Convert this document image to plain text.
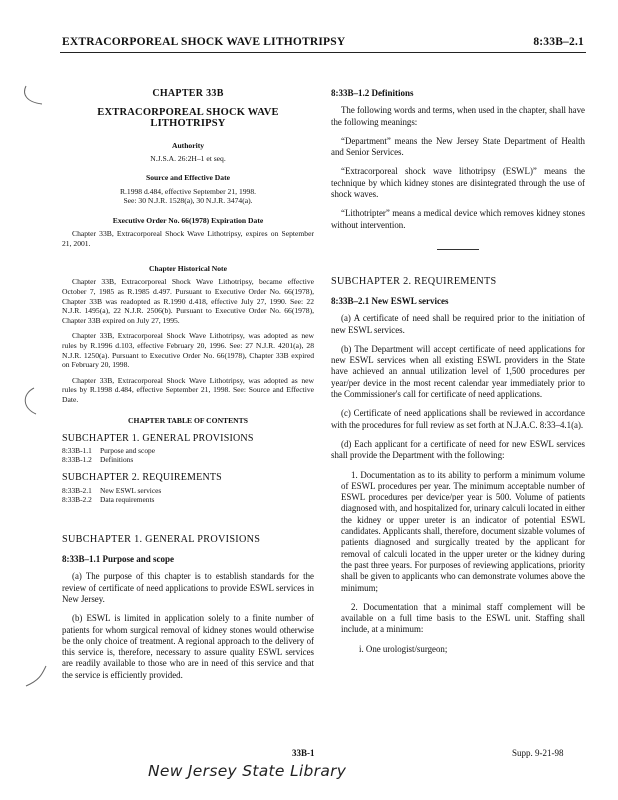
EXTRACORPOREAL SHOCK WAVE LITHOTRIPSY	8:33B–2.1
CHAPTER 33B
EXTRACORPOREAL SHOCK WAVE LITHOTRIPSY
Authority
N.J.S.A. 26:2H–1 et seq.
Source and Effective Date
R.1998 d.484, effective September 21, 1998.
See: 30 N.J.R. 1528(a), 30 N.J.R. 3474(a).
Executive Order No. 66(1978) Expiration Date
Chapter 33B, Extracorporeal Shock Wave Lithotripsy, expires on September 21, 2001.
Chapter Historical Note
Chapter 33B, Extracorporeal Shock Wave Lithotripsy, became effective October 7, 1985 as R.1985 d.497. Pursuant to Executive Order No. 66(1978), Chapter 33B was readopted as R.1990 d.418, effective July 27, 1990. See: 22 N.J.R. 1495(a), 22 N.J.R. 2506(b). Pursuant to Executive Order No. 66(1978), Chapter 33B expired on July 27, 1995.
Chapter 33B, Extracorporeal Shock Wave Lithotripsy, was adopted as new rules by R.1996 d.103, effective February 20, 1996. See: 27 N.J.R. 4201(a), 28 N.J.R. 1250(a). Pursuant to Executive Order No. 66(1978), Chapter 33B expired on February 20, 1998.
Chapter 33B, Extracorporeal Shock Wave Lithotripsy, was adopted as new rules by R.1998 d.484, effective September 21, 1998. See: Source and Effective Date.
CHAPTER TABLE OF CONTENTS
SUBCHAPTER 1. GENERAL PROVISIONS
8:33B-1.1	Purpose and scope
8:33B-1.2	Definitions
SUBCHAPTER 2. REQUIREMENTS
8:33B-2.1	New ESWL services
8:33B-2.2	Data requirements
SUBCHAPTER 1. GENERAL PROVISIONS
8:33B–1.1 Purpose and scope
(a) The purpose of this chapter is to establish standards for the review of certificate of need applications to provide ESWL services in New Jersey.
(b) ESWL is limited in application solely to a finite number of patients for whom surgical removal of kidney stones would otherwise be the only choice of treatment. A regional approach to the delivery of this service is, therefore, necessary to assure quality ESWL services are readily available to those who are in need of this service and that the service is efficiently provided.
8:33B–1.2 Definitions
The following words and terms, when used in the chapter, shall have the following meanings:
“Department” means the New Jersey State Department of Health and Senior Services.
“Extracorporeal shock wave lithotripsy (ESWL)” means the technique by which kidney stones are disintegrated through the use of shock waves.
“Lithotripter” means a medical device which removes kidney stones without intervention.
SUBCHAPTER 2. REQUIREMENTS
8:33B–2.1 New ESWL services
(a) A certificate of need shall be required prior to the initiation of new ESWL services.
(b) The Department will accept certificate of need applications for new ESWL services when all existing ESWL providers in the State have achieved an annual utilization level of 1,500 procedures per year/per device in the most recent calendar year immediately prior to the Commissioner's call for certificate of need applications.
(c) Certificate of need applications shall be reviewed in accordance with the procedures for full review as set forth at N.J.A.C. 8:33–4.1(a).
(d) Each applicant for a certificate of need for new ESWL services shall provide the Department with the following:
1. Documentation as to its ability to perform a minimum volume of ESWL procedures per year. The minimum acceptable number of ESWL procedures per device/per year is 500. Volume of patients diagnosed with, and hospitalized for, urinary calculi located in either the kidney or upper ureter is an indicator of potential ESWL candidates. Applicants shall, therefore, document sizable volumes of patients diagnosed and surgically treated by the applicant for removal of calculi located in the upper ureter or the kidney during the past three years. For purposes of reviewing applications, priority shall be given to applicants who can demonstrate volumes above the minimum;
2. Documentation that a minimal staff complement will be available on a full time basis to the ESWL unit. Staffing shall include, at a minimum:
i. One urologist/surgeon;
33B-1	Supp. 9-21-98
New Jersey State Library
